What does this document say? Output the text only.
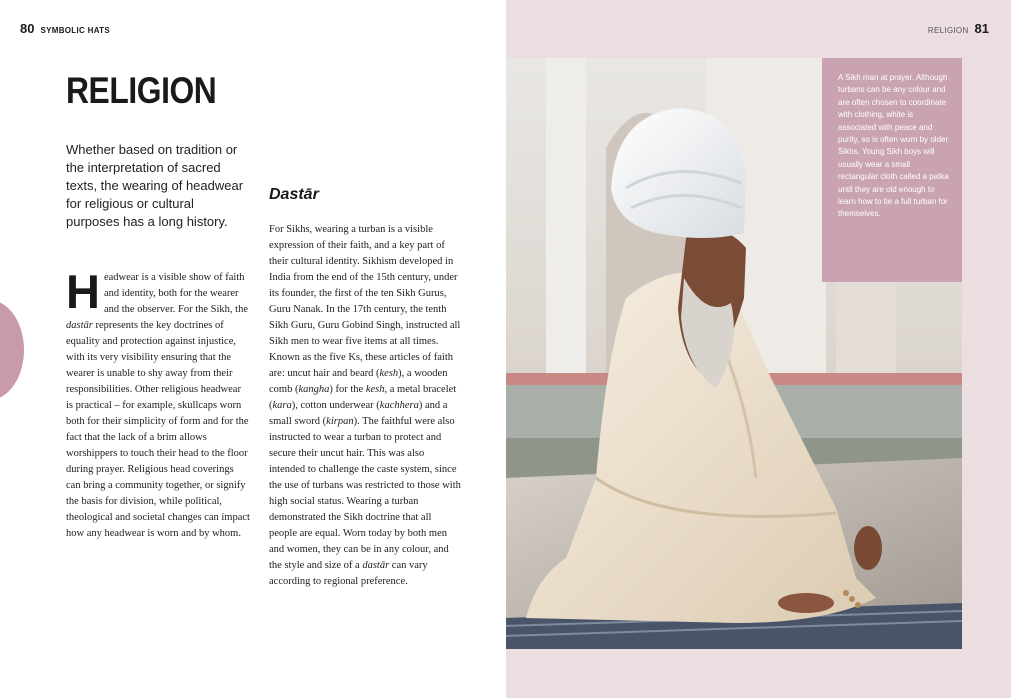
80 SYMBOLIC HATS
RELIGION
Whether based on tradition or the interpretation of sacred texts, the wearing of headwear for religious or cultural purposes has a long history.
Headwear is a visible show of faith and identity, both for the wearer and the observer. For the Sikh, the dastār represents the key doctrines of equality and protection against injustice, with its very visibility ensuring that the wearer is unable to shy away from their responsibilities. Other religious headwear is practical – for example, skullcaps worn both for their simplicity of form and for the fact that the lack of a brim allows worshippers to touch their head to the floor during prayer. Religious head coverings can bring a community together, or signify the basis for division, while political, theological and societal changes can impact how any headwear is worn and by whom.
Dastār
For Sikhs, wearing a turban is a visible expression of their faith, and a key part of their cultural identity. Sikhism developed in India from the end of the 15th century, under its founder, the first of the ten Sikh Gurus, Guru Nanak. In the 17th century, the tenth Sikh Guru, Guru Gobind Singh, instructed all Sikh men to wear five items at all times. Known as the five Ks, these articles of faith are: uncut hair and beard (kesh), a wooden comb (kangha) for the kesh, a metal bracelet (kara), cotton underwear (kachhera) and a small sword (kirpan). The faithful were also instructed to wear a turban to protect and secure their uncut hair. This was also intended to challenge the caste system, since the use of turbans was restricted to those with high social status. Wearing a turban demonstrated the Sikh doctrine that all people are equal. Worn today by both men and women, they can be in any colour, and the style and size of a dastār can vary according to regional preference.
RELIGION 81
A Sikh man at prayer. Although turbans can be any colour and are often chosen to coordinate with clothing, white is associated with peace and purity, so is often worn by older Sikhs. Young Sikh boys will usually wear a small rectangular cloth called a patka until they are old enough to learn how to tie a full turban for themselves.
